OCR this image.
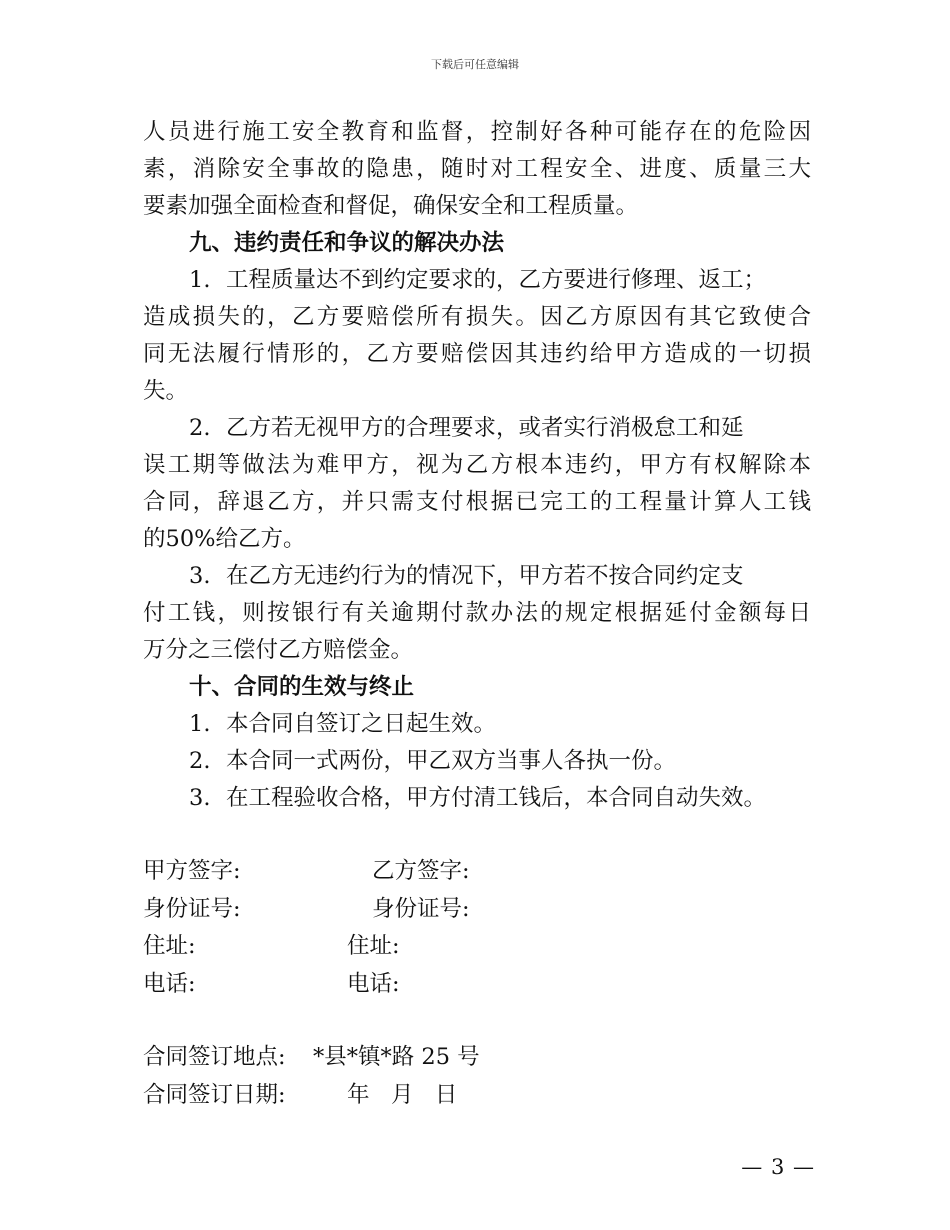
下载后可任意编辑
人员进行施工安全教育和监督，控制好各种可能存在的危险因
素，消除安全事故的隐患，随时对工程安全、进度、质量三大
要素加强全面检查和督促，确保安全和工程质量。
九、违约责任和争议的解决办法
1. 工程质量达不到约定要求的，乙方要进行修理、返工；
造成损失的，乙方要赔偿所有损失。因乙方原因有其它致使合
同无法履行情形的，乙方要赔偿因其违约给甲方造成的一切损
失。
2. 乙方若无视甲方的合理要求，或者实行消极怠工和延
误工期等做法为难甲方，视为乙方根本违约，甲方有权解除本
合同，辞退乙方，并只需支付根据已完工的工程量计算人工钱
的50%给乙方。
3. 在乙方无违约行为的情况下，甲方若不按合同约定支
付工钱，则按银行有关逾期付款办法的规定根据延付金额每日
万分之三偿付乙方赔偿金。
十、合同的生效与终止
1. 本合同自签订之日起生效。
2. 本合同一式两份，甲乙双方当事人各执一份。
3. 在工程验收合格，甲方付清工钱后，本合同自动失效。
甲方签字:	乙方签字:
身份证号:	身份证号:
住址:	住址:
电话:	电话:
合同签订地点: *县*镇*路 25 号

合同签订日期:

	年   月   日

— 3 —
